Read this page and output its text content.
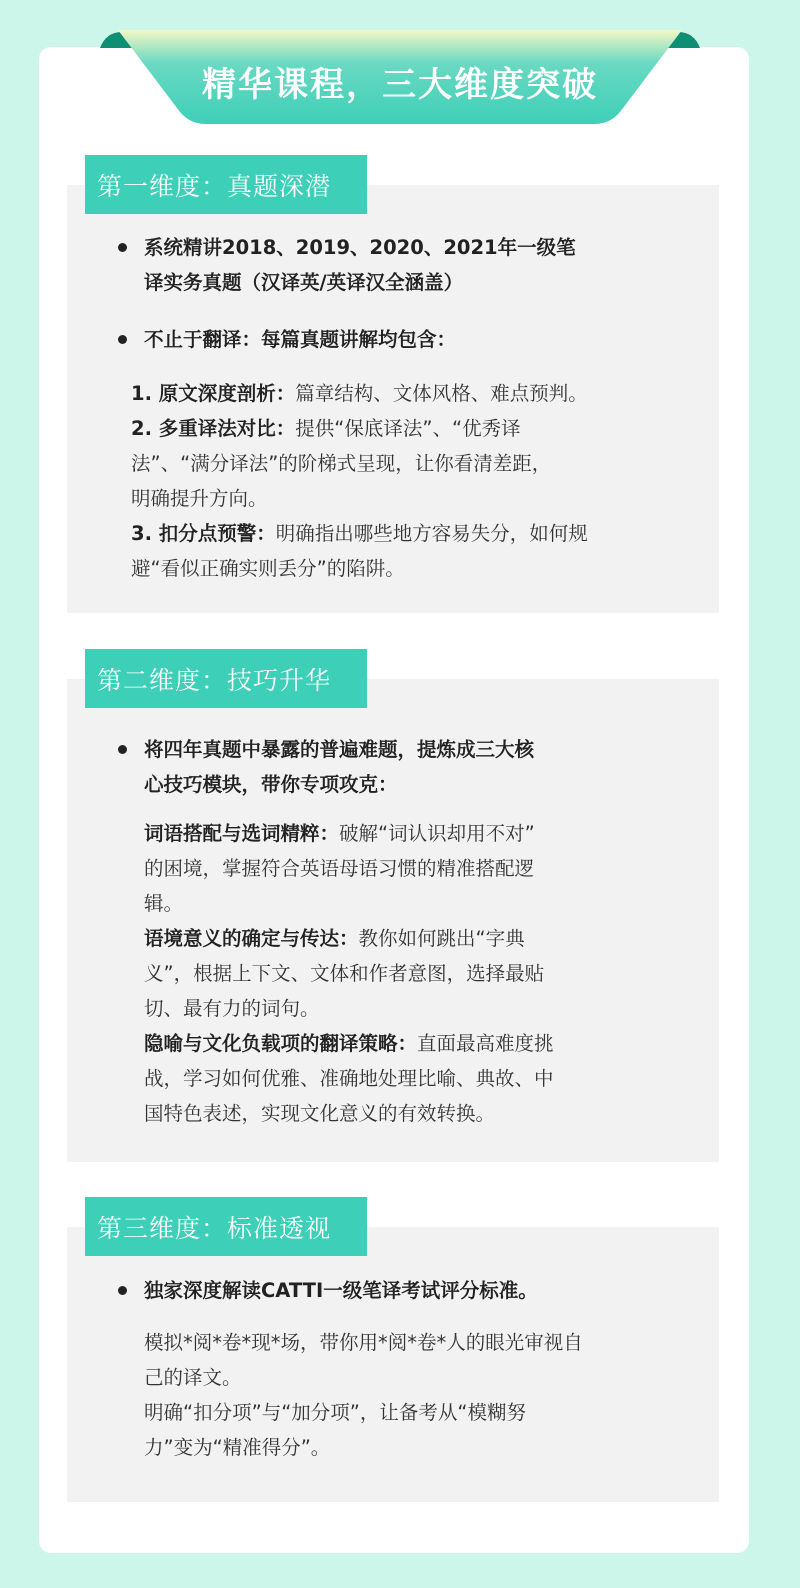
精华课程，三大维度突破
第一维度：真题深潜
系统精讲2018、2019、2020、2021年一级笔
译实务真题（汉译英/英译汉全涵盖）
不止于翻译：每篇真题讲解均包含：
1. 原文深度剖析：篇章结构、文体风格、难点预判。
2. 多重译法对比：提供“保底译法”、“优秀译
法”、“满分译法”的阶梯式呈现，让你看清差距，
明确提升方向。
3. 扣分点预警：明确指出哪些地方容易失分，如何规
避“看似正确实则丢分”的陷阱。
第二维度：技巧升华
将四年真题中暴露的普遍难题，提炼成三大核
心技巧模块，带你专项攻克：
词语搭配与选词精粹：破解“词认识却用不对”
的困境，掌握符合英语母语习惯的精准搭配逻
辑。
语境意义的确定与传达：教你如何跳出“字典
义”，根据上下文、文体和作者意图，选择最贴
切、最有力的词句。
隐喻与文化负载项的翻译策略：直面最高难度挑
战，学习如何优雅、准确地处理比喻、典故、中
国特色表述，实现文化意义的有效转换。
第三维度：标准透视
独家深度解读CATTI一级笔译考试评分标准。
模拟*阅*卷*现*场，带你用*阅*卷*人的眼光审视自
己的译文。
明确“扣分项”与“加分项”，让备考从“模糊努
力”变为“精准得分”。
